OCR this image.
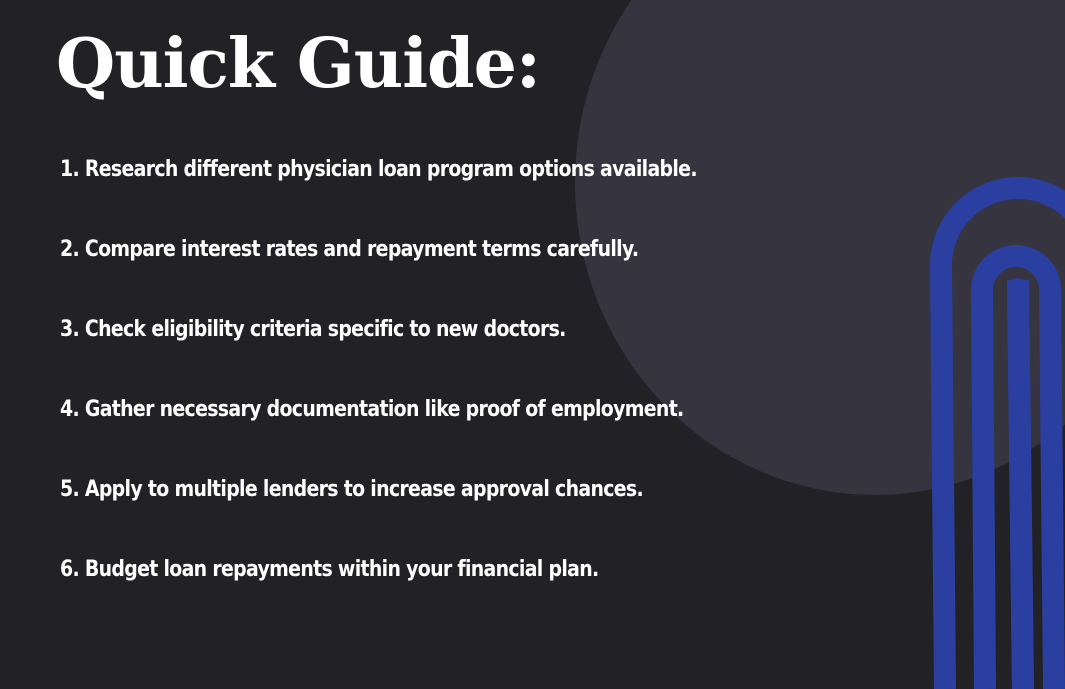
Quick Guide:
1. Research different physician loan program options available.
2. Compare interest rates and repayment terms carefully.
3. Check eligibility criteria specific to new doctors.
4. Gather necessary documentation like proof of employment.
5. Apply to multiple lenders to increase approval chances.
6. Budget loan repayments within your financial plan.
